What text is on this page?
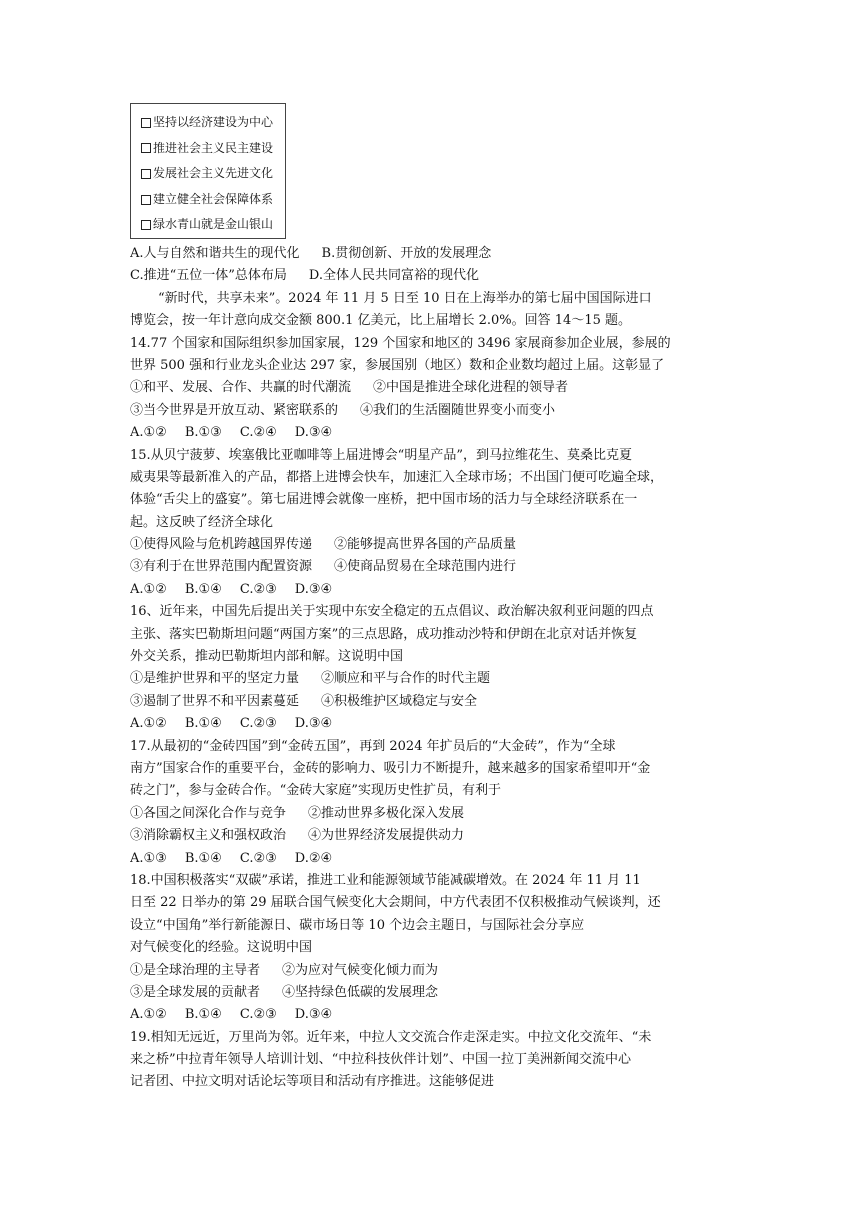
坚持以经济建设为中心
推进社会主义民主建设
发展社会主义先进文化
建立健全社会保障体系
绿水青山就是金山银山
A.人与自然和谐共生的现代化 B.贯彻创新、开放的发展理念
C.推进“五位一体”总体布局 D.全体人民共同富裕的现代化
“新时代，共享未来”。2024 年 11 月 5 日至 10 日在上海举办的第七届中国国际进口
博览会，按一年计意向成交金额 800.1 亿美元，比上届增长 2.0%。回答 14～15 题。
14.77 个国家和国际组织参加国家展，129 个国家和地区的 3496 家展商参加企业展，参展的
世界 500 强和行业龙头企业达 297 家，参展国别（地区）数和企业数均超过上届。这彰显了
①和平、发展、合作、共赢的时代潮流 ②中国是推进全球化进程的领导者
③当今世界是开放互动、紧密联系的 ④我们的生活圈随世界变小而变小
A.①② B.①③ C.②④ D.③④
15.从贝宁菠萝、埃塞俄比亚咖啡等上届进博会“明星产品”，到马拉维花生、莫桑比克夏
威夷果等最新准入的产品，都搭上进博会快车，加速汇入全球市场；不出国门便可吃遍全球，
体验“舌尖上的盛宴”。第七届进博会就像一座桥，把中国市场的活力与全球经济联系在一
起。这反映了经济全球化
①使得风险与危机跨越国界传递 ②能够提高世界各国的产品质量
③有利于在世界范围内配置资源 ④使商品贸易在全球范围内进行
A.①② B.①④ C.②③ D.③④
16、近年来，中国先后提出关于实现中东安全稳定的五点倡议、政治解决叙利亚问题的四点
主张、落实巴勒斯坦问题“两国方案”的三点思路，成功推动沙特和伊朗在北京对话并恢复
外交关系，推动巴勒斯坦内部和解。这说明中国
①是维护世界和平的坚定力量 ②顺应和平与合作的时代主题
③遏制了世界不和平因素蔓延 ④积极维护区域稳定与安全
A.①② B.①④ C.②③ D.③④
17.从最初的“金砖四国”到“金砖五国”，再到 2024 年扩员后的“大金砖”，作为“全球
南方”国家合作的重要平台，金砖的影响力、吸引力不断提升，越来越多的国家希望叩开“金
砖之门”，参与金砖合作。“金砖大家庭”实现历史性扩员，有利于
①各国之间深化合作与竞争 ②推动世界多极化深入发展
③消除霸权主义和强权政治 ④为世界经济发展提供动力
A.①③ B.①④ C.②③ D.②④
18.中国积极落实“双碳”承诺，推进工业和能源领域节能减碳增效。在 2024 年 11 月 11
日至 22 日举办的第 29 届联合国气候变化大会期间，中方代表团不仅积极推动气候谈判，还
设立“中国角”举行新能源日、碳市场日等 10 个边会主题日，与国际社会分享应
对气候变化的经验。这说明中国
①是全球治理的主导者 ②为应对气候变化倾力而为
③是全球发展的贡献者 ④坚持绿色低碳的发展理念
A.①② B.①④ C.②③ D.③④
19.相知无远近，万里尚为邻。近年来，中拉人文交流合作走深走实。中拉文化交流年、“未
来之桥”中拉青年领导人培训计划、“中拉科技伙伴计划”、中国一拉丁美洲新闻交流中心
记者团、中拉文明对话论坛等项目和活动有序推进。这能够促进
